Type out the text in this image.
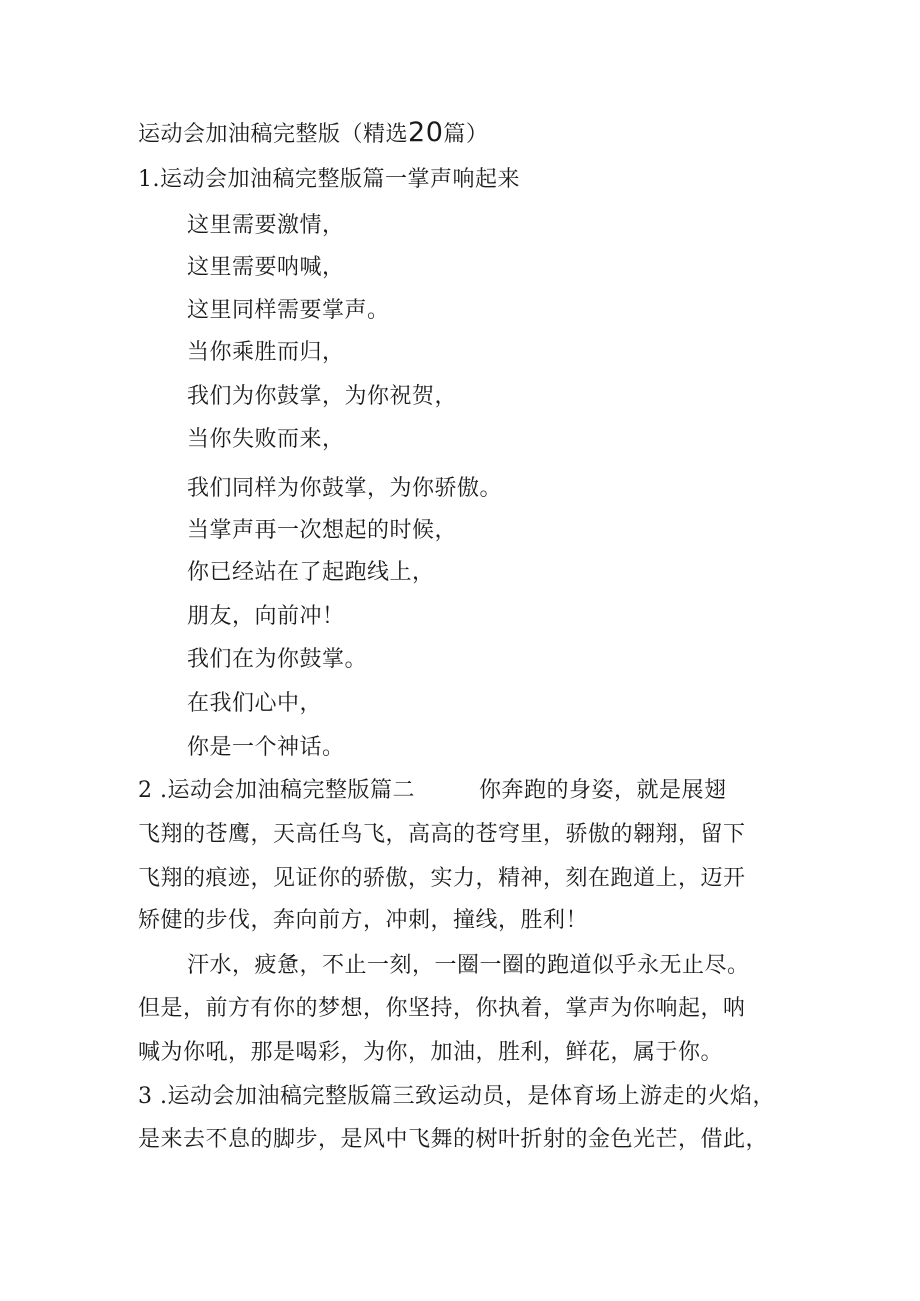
运动会加油稿完整版（精选20篇）
1.运动会加油稿完整版篇一掌声响起来
这里需要激情，
这里需要呐喊，
这里同样需要掌声。
当你乘胜而归，
我们为你鼓掌，为你祝贺，
当你失败而来，
我们同样为你鼓掌，为你骄傲。
当掌声再一次想起的时候，
你已经站在了起跑线上，
朋友，向前冲！
我们在为你鼓掌。
在我们心中，
你是一个神话。
2 .运动会加油稿完整版篇二	你奔跑的身姿，就是展翅
飞翔的苍鹰，天高任鸟飞，高高的苍穹里，骄傲的翱翔，留下
飞翔的痕迹，见证你的骄傲，实力，精神，刻在跑道上，迈开
矫健的步伐，奔向前方，冲刺，撞线，胜利！
汗水，疲惫，不止一刻，一圈一圈的跑道似乎永无止尽。
但是，前方有你的梦想，你坚持，你执着，掌声为你响起，呐
喊为你吼，那是喝彩，为你，加油，胜利，鲜花，属于你。
3 .运动会加油稿完整版篇三致运动员，是体育场上游走的火焰，
是来去不息的脚步，是风中飞舞的树叶折射的金色光芒，借此，
